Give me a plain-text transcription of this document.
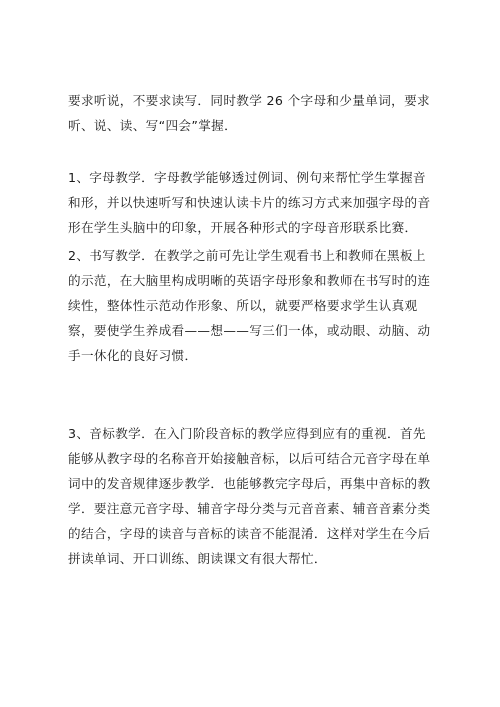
要求听说，不要求读写．同时教学 26 个字母和少量单词，要求
听、说、读、写“四会”掌握．
1、字母教学．字母教学能够透过例词、例句来帮忙学生掌握音
和形，并以快速听写和快速认读卡片的练习方式来加强字母的音
形在学生头脑中的印象，开展各种形式的字母音形联系比赛．
2、书写教学．在教学之前可先让学生观看书上和教师在黑板上
的示范，在大脑里构成明晰的英语字母形象和教师在书写时的连
续性，整体性示范动作形象、所以，就要严格要求学生认真观
察，要使学生养成看——想——写三们一体，或动眼、动脑、动
手一休化的良好习惯．
3、音标教学．在入门阶段音标的教学应得到应有的重视．首先
能够从教字母的名称音开始接触音标，以后可结合元音字母在单
词中的发音规律逐步教学．也能够教完字母后，再集中音标的教
学．要注意元音字母、辅音字母分类与元音音素、辅音音素分类
的结合，字母的读音与音标的读音不能混淆．这样对学生在今后
拼读单词、开口训练、朗读课文有很大帮忙．
